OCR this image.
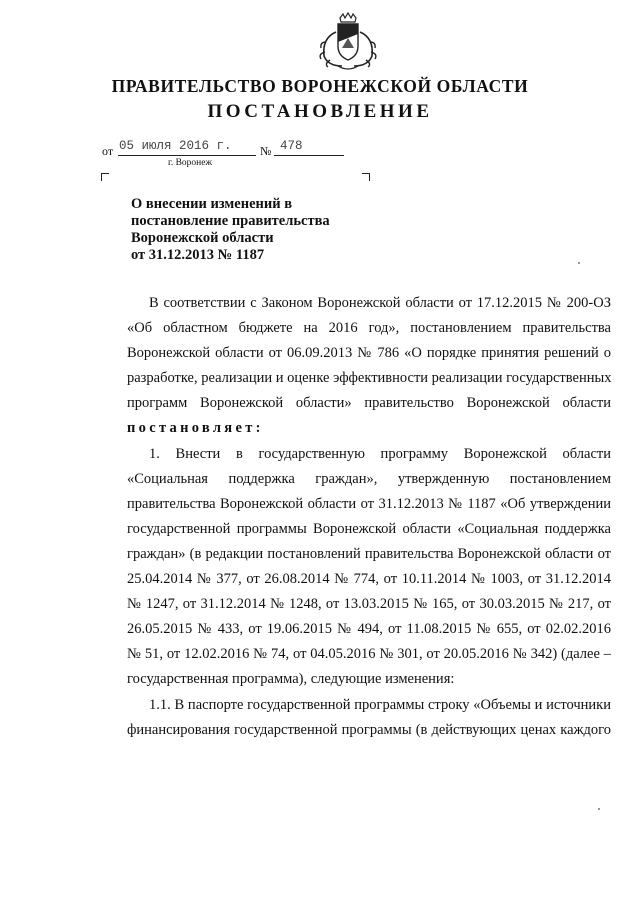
ПРАВИТЕЛЬСТВО ВОРОНЕЖСКОЙ ОБЛАСТИ
ПОСТАНОВЛЕНИЕ
от 05 июля 2016 г. № 478
г. Воронеж
О внесении изменений в
постановление правительства
Воронежской области
от 31.12.2013 № 1187
В соответствии с Законом Воронежской области от 17.12.2015 № 200-ОЗ
«Об областном бюджете на 2016 год», постановлением правительства
Воронежской области от 06.09.2013 № 786 «О порядке принятия решений о
разработке, реализации и оценке эффективности реализации государственных
программ Воронежской области» правительство Воронежской области
постановляет:
1. Внести в государственную программу Воронежской области
«Социальная поддержка граждан», утвержденную постановлением
правительства Воронежской области от 31.12.2013 № 1187 «Об утверждении
государственной программы Воронежской области «Социальная поддержка
граждан» (в редакции постановлений правительства Воронежской области от
25.04.2014 № 377, от 26.08.2014 № 774, от 10.11.2014 № 1003, от 31.12.2014
№ 1247, от 31.12.2014 № 1248, от 13.03.2015 № 165, от 30.03.2015 № 217, от
26.05.2015 № 433, от 19.06.2015 № 494, от 11.08.2015 № 655, от 02.02.2016
№ 51, от 12.02.2016 № 74, от 04.05.2016 № 301, от 20.05.2016 № 342) (далее –
государственная программа), следующие изменения:
1.1. В паспорте государственной программы строку «Объемы и источники
финансирования государственной программы (в действующих ценах каждого
